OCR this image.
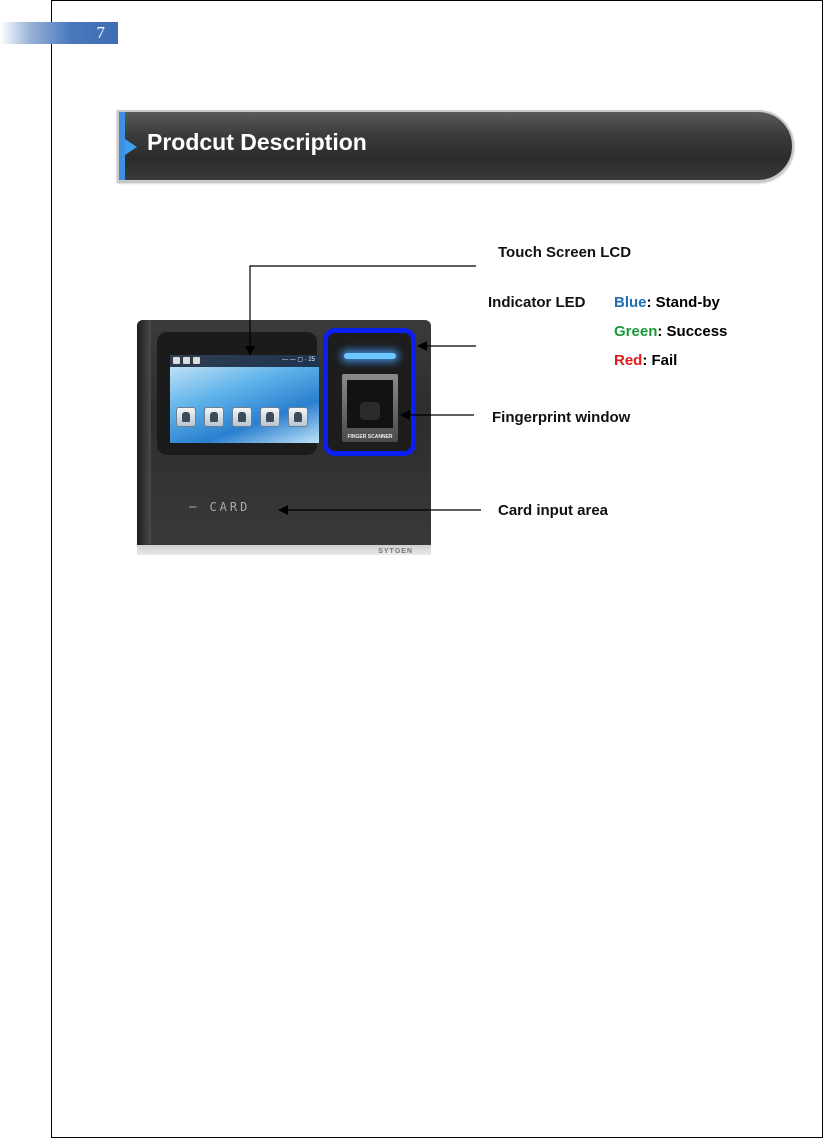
7
Prodcut Description
— — ▢ · 25
FINGER SCANNER
─ CARD
SYTGEN
Touch Screen LCD
Indicator LED Blue: Stand-by
Green: Success
Red: Fail
Fingerprint window
Card input area
